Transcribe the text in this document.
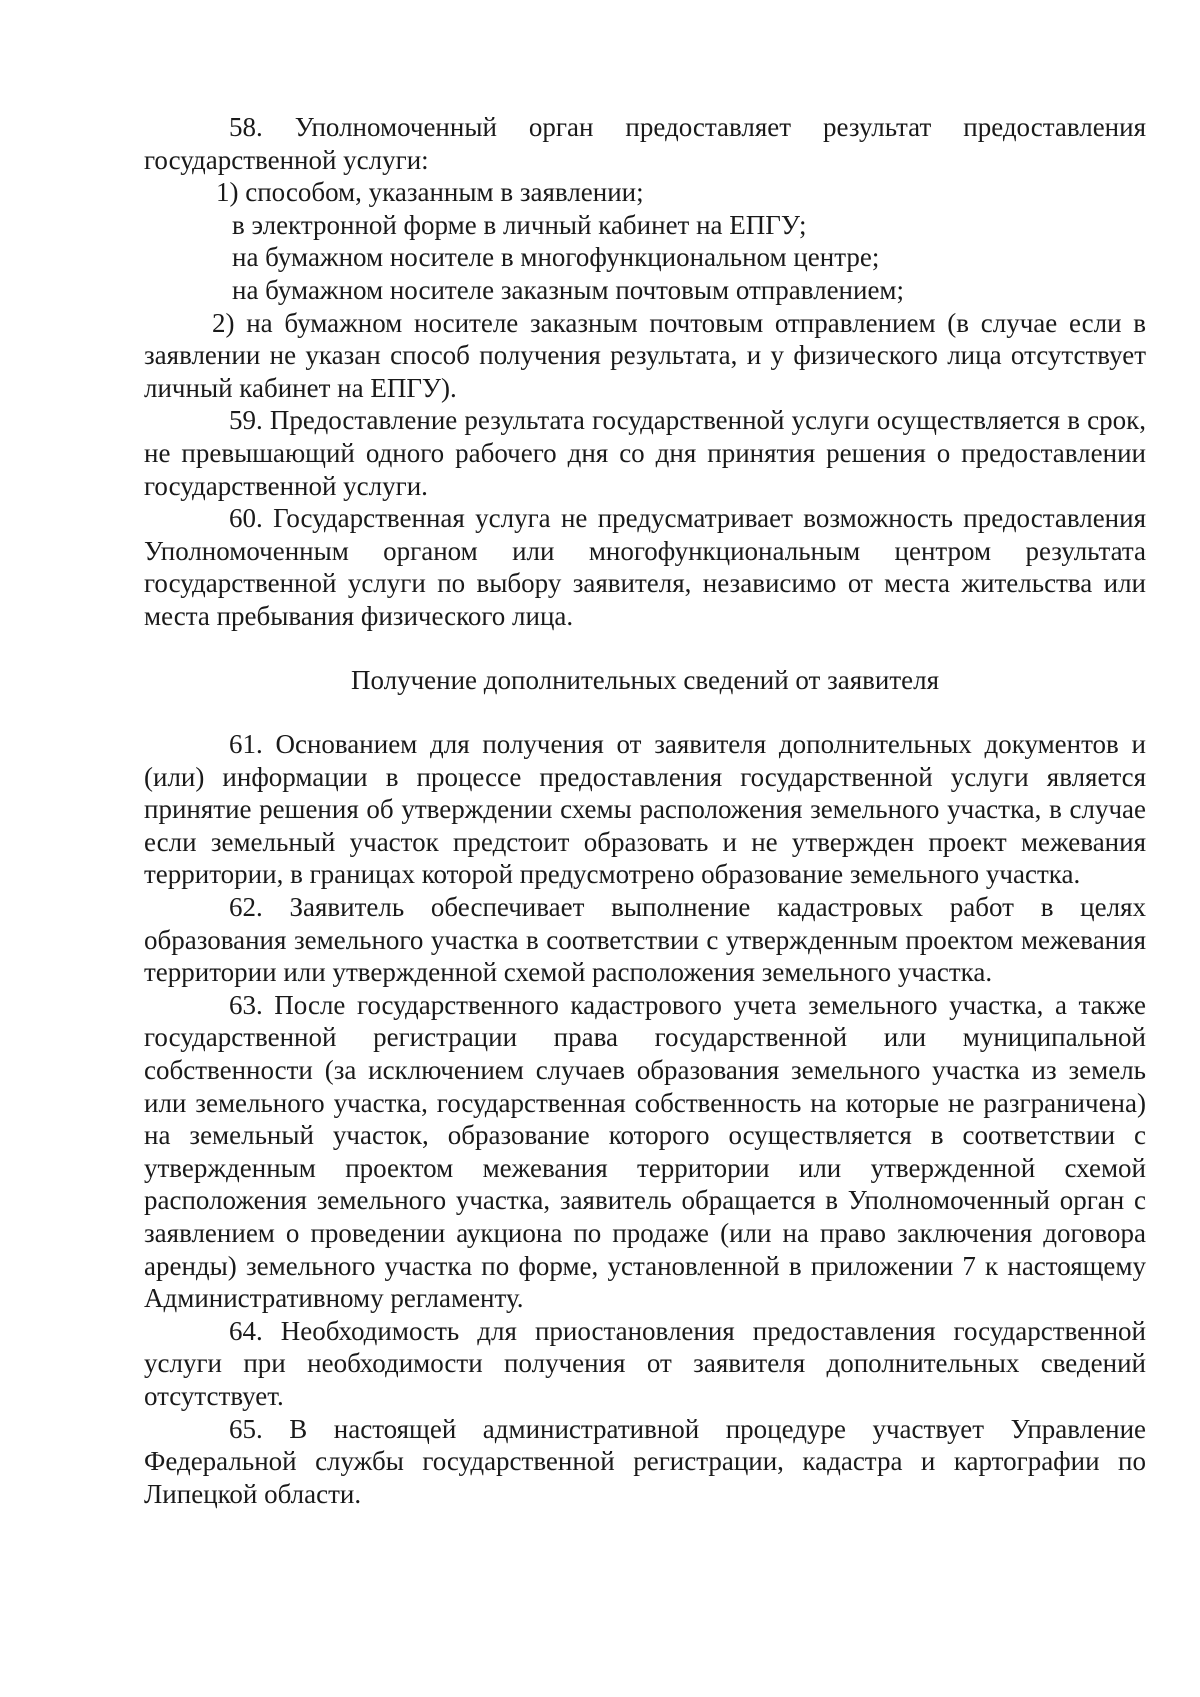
58. Уполномоченный орган предоставляет результат предоставления государственной услуги:

1) способом, указанным в заявлении;

в электронной форме в личный кабинет на ЕПГУ;

на бумажном носителе в многофункциональном центре;

на бумажном носителе заказным почтовым отправлением;

2) на бумажном носителе заказным почтовым отправлением (в случае если в заявлении не указан способ получения результата, и у физического лица отсутствует личный кабинет на ЕПГУ).

59. Предоставление результата государственной услуги осуществляется в срок, не превышающий одного рабочего дня со дня принятия решения о предоставлении государственной услуги.

60. Государственная услуга не предусматривает возможность предоставления Уполномоченным органом или многофункциональным центром результата государственной услуги по выбору заявителя, независимо от места жительства или места пребывания физического лица.

Получение дополнительных сведений от заявителя

61. Основанием для получения от заявителя дополнительных документов и (или) информации в процессе предоставления государственной услуги является принятие решения об утверждении схемы расположения земельного участка, в случае если земельный участок предстоит образовать и не утвержден проект межевания территории, в границах которой предусмотрено образование земельного участка.

62. Заявитель обеспечивает выполнение кадастровых работ в целях образования земельного участка в соответствии с утвержденным проектом межевания территории или утвержденной схемой расположения земельного участка.

63. После государственного кадастрового учета земельного участка, а также государственной регистрации права государственной или муниципальной собственности (за исключением случаев образования земельного участка из земель или земельного участка, государственная собственность на которые не разграничена) на земельный участок, образование которого осуществляется в соответствии с утвержденным проектом межевания территории или утвержденной схемой расположения земельного участка, заявитель обращается в Уполномоченный орган с заявлением о проведении аукциона по продаже (или на право заключения договора аренды) земельного участка по форме, установленной в приложении 7 к настоящему Административному регламенту.

64. Необходимость для приостановления предоставления государственной услуги при необходимости получения от заявителя дополнительных сведений отсутствует.

65. В настоящей административной процедуре участвует Управление Федеральной службы государственной регистрации, кадастра и картографии по Липецкой области.
